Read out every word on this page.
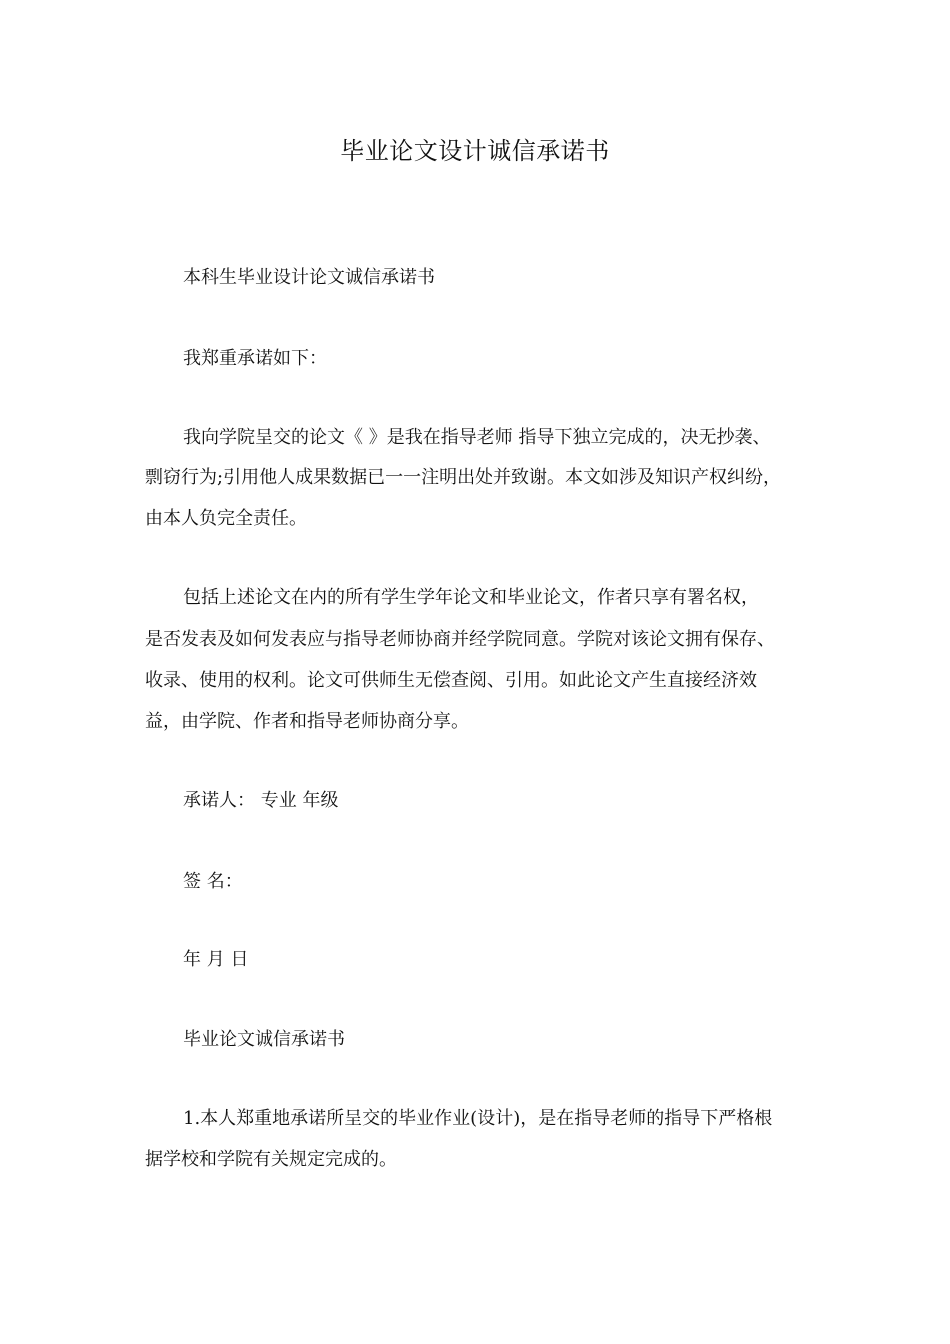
毕业论文设计诚信承诺书
本科生毕业设计论文诚信承诺书
我郑重承诺如下：
我向学院呈交的论文《 》是我在指导老师 指导下独立完成的，决无抄袭、
剽窃行为;引用他人成果数据已一一注明出处并致谢。本文如涉及知识产权纠纷，
由本人负完全责任。
包括上述论文在内的所有学生学年论文和毕业论文，作者只享有署名权，
是否发表及如何发表应与指导老师协商并经学院同意。学院对该论文拥有保存、
收录、使用的权利。论文可供师生无偿查阅、引用。如此论文产生直接经济效
益，由学院、作者和指导老师协商分享。
承诺人： 专业 年级
签 名：
年 月 日
毕业论文诚信承诺书
1.本人郑重地承诺所呈交的毕业作业(设计)，是在指导老师的指导下严格根
据学校和学院有关规定完成的。
